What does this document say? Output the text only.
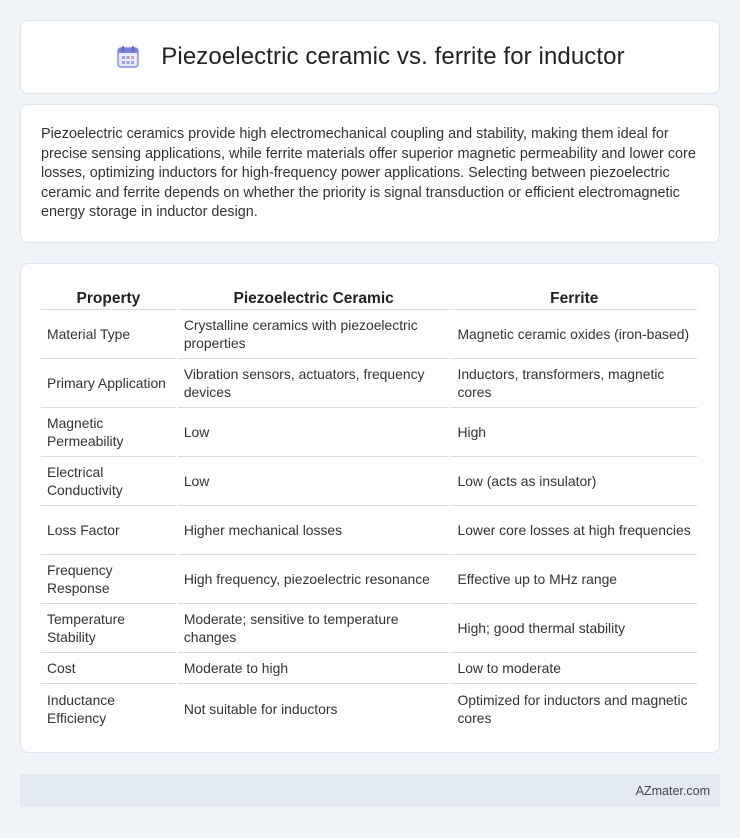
Piezoelectric ceramic vs. ferrite for inductor

Piezoelectric ceramics provide high electromechanical coupling and stability, making them ideal for precise sensing applications, while ferrite materials offer superior magnetic permeability and lower core losses, optimizing inductors for high-frequency power applications. Selecting between piezoelectric ceramic and ferrite depends on whether the priority is signal transduction or efficient electromagnetic energy storage in inductor design.

Property	Piezoelectric Ceramic	Ferrite
Material Type	Crystalline ceramics with piezoelectric properties	Magnetic ceramic oxides (iron-based)
Primary Application	Vibration sensors, actuators, frequency devices	Inductors, transformers, magnetic cores
Magnetic Permeability	Low	High
Electrical Conductivity	Low	Low (acts as insulator)
Loss Factor	Higher mechanical losses	Lower core losses at high frequencies
Frequency Response	High frequency, piezoelectric resonance	Effective up to MHz range
Temperature Stability	Moderate; sensitive to temperature changes	High; good thermal stability
Cost	Moderate to high	Low to moderate
Inductance Efficiency	Not suitable for inductors	Optimized for inductors and magnetic cores
AZmater.com
